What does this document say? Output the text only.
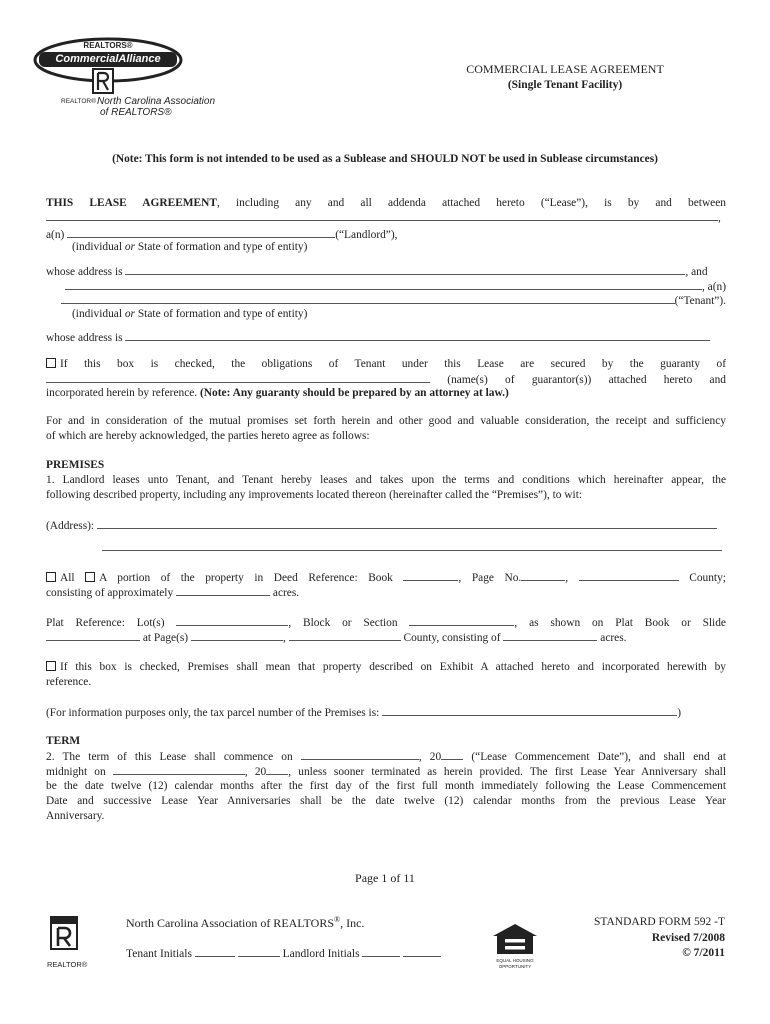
REALTORS®
CommercialAlliance
REALTOR® North Carolina Association
of REALTORS®
COMMERCIAL LEASE AGREEMENT
(Single Tenant Facility)
(Note: This form is not intended to be used as a Sublease and SHOULD NOT be used in Sublease circumstances)
THIS LEASE AGREEMENT, including any and all addenda attached hereto (“Lease”), is by and between
,
a(n)	(“Landlord”),
(individual or State of formation and type of entity)
whose address is	, and
, a(n)
(“Tenant”).
(individual or State of formation and type of entity)
whose address is
If this box is checked, the obligations of Tenant under this Lease are secured by the guaranty of
(name(s) of guarantor(s)) attached hereto and
incorporated herein by reference. (Note: Any guaranty should be prepared by an attorney at law.)
For and in consideration of the mutual promises set forth herein and other good and valuable consideration, the receipt and sufficiency
of which are hereby acknowledged, the parties hereto agree as follows:
PREMISES
1. Landlord leases unto Tenant, and Tenant hereby leases and takes upon the terms and conditions which hereinafter appear, the
following described property, including any improvements located thereon (hereinafter called the “Premises”), to wit:
(Address):
All A portion of the property in Deed Reference: Book	, Page No.	,	County;
consisting of approximately	acres.
Plat Reference: Lot(s)	, Block or Section	, as shown on Plat Book or Slide
at Page(s)	,	County, consisting of	acres.
If this box is checked, Premises shall mean that property described on Exhibit A attached hereto and incorporated herewith by
reference.
(For information purposes only, the tax parcel number of the Premises is:	)
TERM
2. The term of this Lease shall commence on	, 20	(“Lease Commencement Date”), and shall end at
midnight on	, 20 , unless sooner terminated as herein provided. The first Lease Year Anniversary shall
be the date twelve (12) calendar months after the first day of the first full month immediately following the Lease Commencement
Date and successive Lease Year Anniversaries shall be the date twelve (12) calendar months from the previous Lease Year
Anniversary.
Page 1 of 11
REALTOR®
North Carolina Association of REALTORS®, Inc.
Tenant Initials	Landlord Initials
EQUAL HOUSING
OPPORTUNITY
STANDARD FORM 592 -T
Revised 7/2008
© 7/2011
